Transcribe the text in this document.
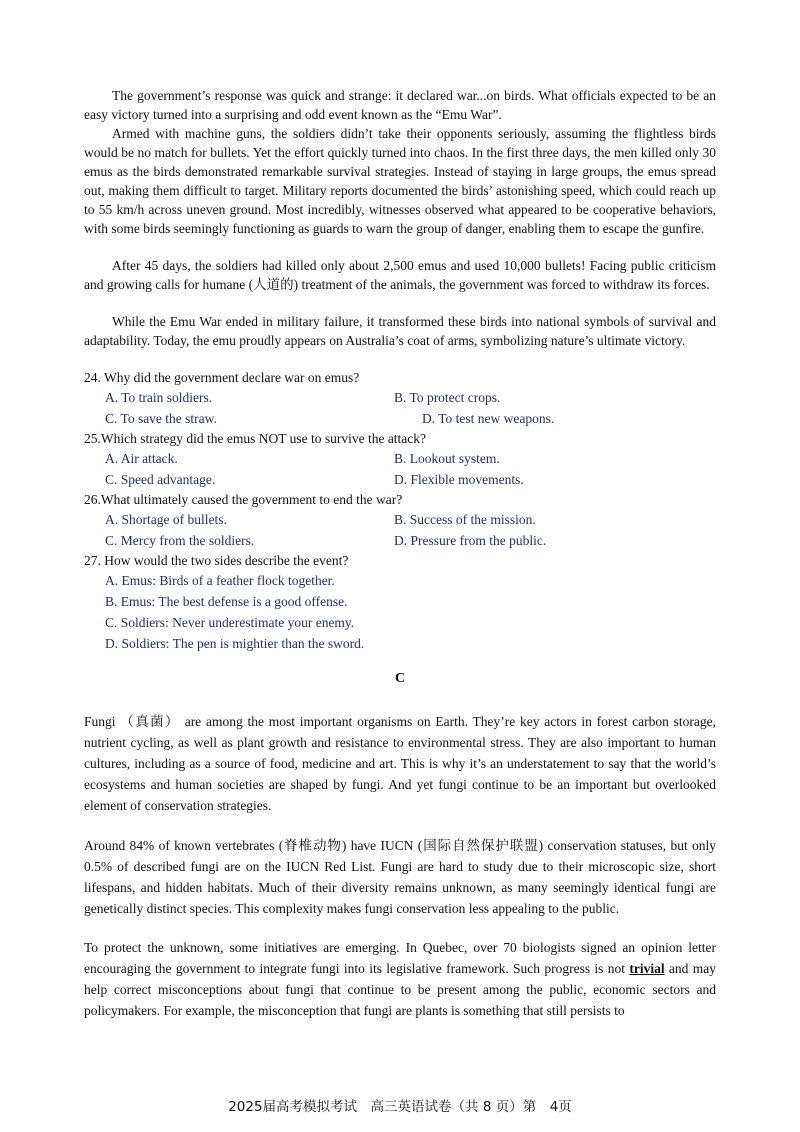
The government’s response was quick and strange: it declared war...on birds. What officials expected to be an easy victory turned into a surprising and odd event known as the “Emu War”.

Armed with machine guns, the soldiers didn’t take their opponents seriously, assuming the flightless birds would be no match for bullets. Yet the effort quickly turned into chaos. In the first three days, the men killed only 30 emus as the birds demonstrated remarkable survival strategies. Instead of staying in large groups, the emus spread out, making them difficult to target. Military reports documented the birds’ astonishing speed, which could reach up to 55 km/h across uneven ground. Most incredibly, witnesses observed what appeared to be cooperative behaviors, with some birds seemingly functioning as guards to warn the group of danger, enabling them to escape the gunfire.

After 45 days, the soldiers had killed only about 2,500 emus and used 10,000 bullets! Facing public criticism and growing calls for humane (人道的) treatment of the animals, the government was forced to withdraw its forces.

While the Emu War ended in military failure, it transformed these birds into national symbols of survival and adaptability. Today, the emu proudly appears on Australia’s coat of arms, symbolizing nature’s ultimate victory.

24. Why did the government declare war on emus?
A. To train soldiers.	B. To protect crops.
C. To save the straw.	D. To test new weapons.
25.Which strategy did the emus NOT use to survive the attack?
A. Air attack.	B. Lookout system.
C. Speed advantage.	D. Flexible movements.
26.What ultimately caused the government to end the war?
A. Shortage of bullets.	B. Success of the mission.
C. Mercy from the soldiers.	D. Pressure from the public.
27. How would the two sides describe the event?
A. Emus: Birds of a feather flock together.
B. Emus: The best defense is a good offense.
C. Soldiers: Never underestimate your enemy.
D. Soldiers: The pen is mightier than the sword.
C

Fungi （真菌） are among the most important organisms on Earth. They’re key actors in forest carbon storage, nutrient cycling, as well as plant growth and resistance to environmental stress. They are also important to human cultures, including as a source of food, medicine and art. This is why it’s an understatement to say that the world’s ecosystems and human societies are shaped by fungi. And yet fungi continue to be an important but overlooked element of conservation strategies.

Around 84% of known vertebrates (脊椎动物) have IUCN (国际自然保护联盟) conservation statuses, but only 0.5% of described fungi are on the IUCN Red List. Fungi are hard to study due to their microscopic size, short lifespans, and hidden habitats. Much of their diversity remains unknown, as many seemingly identical fungi are genetically distinct species. This complexity makes fungi conservation less appealing to the public.

To protect the unknown, some initiatives are emerging. In Quebec, over 70 biologists signed an opinion letter encouraging the government to integrate fungi into its legislative framework. Such progress is not trivial and may help correct misconceptions about fungi that continue to be present among the public, economic sectors and policymakers. For example, the misconception that fungi are plants is something that still persists to

2025届高考模拟考试　高三英语试卷（共 8 页）第　4页
